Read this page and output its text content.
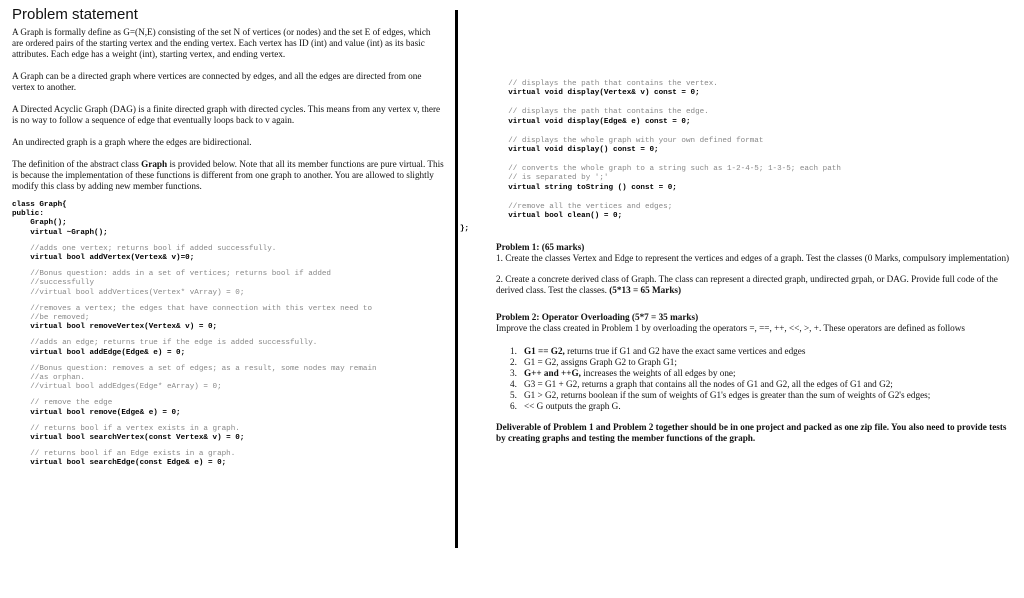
Problem statement

A Graph is formally define as G=(N,E) consisting of the set N of vertices (or nodes) and the set E of edges, which are ordered pairs of the starting vertex and the ending vertex. Each vertex has ID (int) and value (int) as its basic attributes. Each edge has a weight (int), starting vertex, and ending vertex.

A Graph can be a directed graph where vertices are connected by edges, and all the edges are directed from one vertex to another.

A Directed Acyclic Graph (DAG) is a finite directed graph with directed cycles. This means from any vertex v, there is no way to follow a sequence of edge that eventually loops back to v again.

An undirected graph is a graph where the edges are bidirectional.

The definition of the abstract class Graph is provided below. Note that all its member functions are pure virtual. This is because the implementation of these functions is different from one graph to another. You are allowed to slightly modify this class by adding new member functions.

class Graph{
public:
Graph();
virtual ~Graph();
//adds one vertex; returns bool if added successfully.
virtual bool addVertex(Vertex& v)=0;
//Bonus question: adds in a set of vertices; returns bool if added
//successfully
//virtual bool addVertices(Vertex* vArray) = 0;
//removes a vertex; the edges that have connection with this vertex need to
//be removed;
virtual bool removeVertex(Vertex& v) = 0;
//adds an edge; returns true if the edge is added successfully.
virtual bool addEdge(Edge& e) = 0;
//Bonus question: removes a set of edges; as a result, some nodes may remain
//as orphan.
//virtual bool addEdges(Edge* eArray) = 0;
// remove the edge
virtual bool remove(Edge& e) = 0;
// returns bool if a vertex exists in a graph.
virtual bool searchVertex(const Vertex& v) = 0;
// returns bool if an Edge exists in a graph.
virtual bool searchEdge(const Edge& e) = 0;
// displays the path that contains the vertex.
virtual void display(Vertex& v) const = 0;
// displays the path that contains the edge.
virtual void display(Edge& e) const = 0;
// displays the whole graph with your own defined format
virtual void display() const = 0;
// converts the whole graph to a string such as 1-2-4-5; 1-3-5; each path
// is separated by ';'
virtual string toString () const = 0;
//remove all the vertices and edges;
virtual bool clean() = 0;
};
Problem 1: (65 marks)
1. Create the classes Vertex and Edge to represent the vertices and edges of a graph. Test the classes (0 Marks, compulsory implementation)
2. Create a concrete derived class of Graph. The class can represent a directed graph, undirected grpah, or DAG. Provide full code of the derived class. Test the classes. (5*13 = 65 Marks)
Problem 2: Operator Overloading (5*7 = 35 marks)
Improve the class created in Problem 1 by overloading the operators =, ==, ++, <<, >, +. These operators are defined as follows
1. G1 == G2, returns true if G1 and G2 have the exact same vertices and edges
2. G1 = G2, assigns Graph G2 to Graph G1;
3. G++ and ++G, increases the weights of all edges by one;
4. G3 = G1 + G2, returns a graph that contains all the nodes of G1 and G2, all the edges of G1 and G2;
5. G1 > G2, returns boolean if the sum of weights of G1's edges is greater than the sum of weights of G2's edges;
6. << G outputs the graph G.
Deliverable of Problem 1 and Problem 2 together should be in one project and packed as one zip file. You also need to provide tests by creating graphs and testing the member functions of the graph.
